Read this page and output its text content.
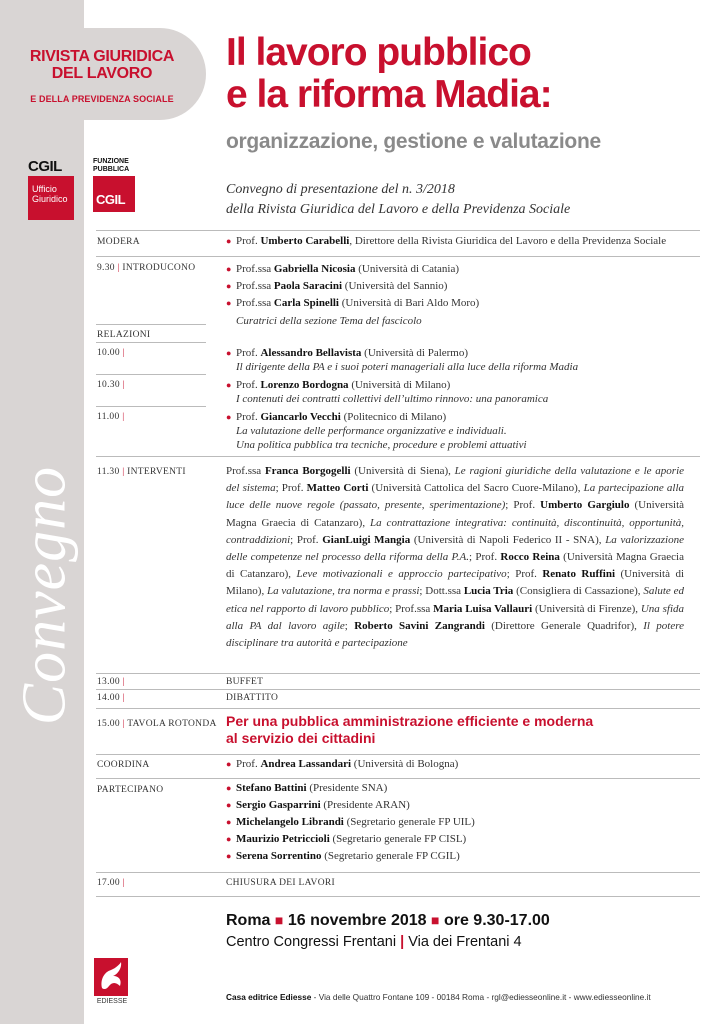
RIVISTA GIURIDICA
DEL LAVORO
E DELLA PREVIDENZA SOCIALE
CGIL
Ufficio
Giuridico
FUNZIONE
PUBBLICA
CGIL
Convegno
Il lavoro pubblico
e la riforma Madia:
organizzazione, gestione e valutazione
Convegno di presentazione del n. 3/2018
della Rivista Giuridica del Lavoro e della Previdenza Sociale
MODERA	● Prof. Umberto Carabelli, Direttore della Rivista Giuridica del Lavoro e della Previdenza Sociale
9.30 | INTRODUCONO	● Prof.ssa Gabriella Nicosia (Università di Catania)
● Prof.ssa Paola Saracini (Università del Sannio)
● Prof.ssa Carla Spinelli (Università di Bari Aldo Moro)
Curatrici della sezione Tema del fascicolo
RELAZIONI
10.00 |	● Prof. Alessandro Bellavista (Università di Palermo)
Il dirigente della PA e i suoi poteri manageriali alla luce della riforma Madia
10.30 |	● Prof. Lorenzo Bordogna (Università di Milano)
I contenuti dei contratti collettivi dell’ultimo rinnovo: una panoramica
11.00 |	● Prof. Giancarlo Vecchi (Politecnico di Milano)
La valutazione delle performance organizzative e individuali.
Una politica pubblica tra tecniche, procedure e problemi attuativi
11.30 | INTERVENTI	Prof.ssa Franca Borgogelli (Università di Siena), Le ragioni giuridiche della valutazione e le aporie del sistema; Prof. Matteo Corti (Università Cattolica del Sacro Cuore-Milano), La partecipazione alla luce delle nuove regole (passato, presente, sperimentazione); Prof. Umberto Gargiulo (Università Magna Graecia di Catanzaro), La contrattazione integrativa: continuità, discontinuità, opportunità, contraddizioni; Prof. GianLuigi Mangia (Università di Napoli Federico II - SNA), La valorizzazione delle competenze nel processo della riforma della P.A.; Prof. Rocco Reina (Università Magna Graecia di Catanzaro), Leve motivazionali e approccio partecipativo; Prof. Renato Ruffini (Università di Milano), La valutazione, tra norma e prassi; Dott.ssa Lucia Tria (Consigliera di Cassazione), Salute ed etica nel rapporto di lavoro pubblico; Prof.ssa Maria Luisa Vallauri (Università di Firenze), Una sfida alla PA dal lavoro agile; Roberto Savini Zangrandi (Direttore Generale Quadrifor), Il potere disciplinare tra autorità e partecipazione
13.00 |	BUFFET
14.00 |	DIBATTITO
15.00 | TAVOLA ROTONDA Per una pubblica amministrazione efficiente e moderna
al servizio dei cittadini
COORDINA	● Prof. Andrea Lassandari (Università di Bologna)
PARTECIPANO	● Stefano Battini (Presidente SNA)
● Sergio Gasparrini (Presidente ARAN)
● Michelangelo Librandi (Segretario generale FP UIL)
● Maurizio Petriccioli (Segretario generale FP CISL)
● Serena Sorrentino (Segretario generale FP CGIL)
17.00 |	CHIUSURA DEI LAVORI
Roma ■ 16 novembre 2018 ■ ore 9.30-17.00
Centro Congressi Frentani | Via dei Frentani 4
EDIESSE	Casa editrice Ediesse - Via delle Quattro Fontane 109 - 00184 Roma - rgl@ediesseonline.it - www.ediesseonline.it
